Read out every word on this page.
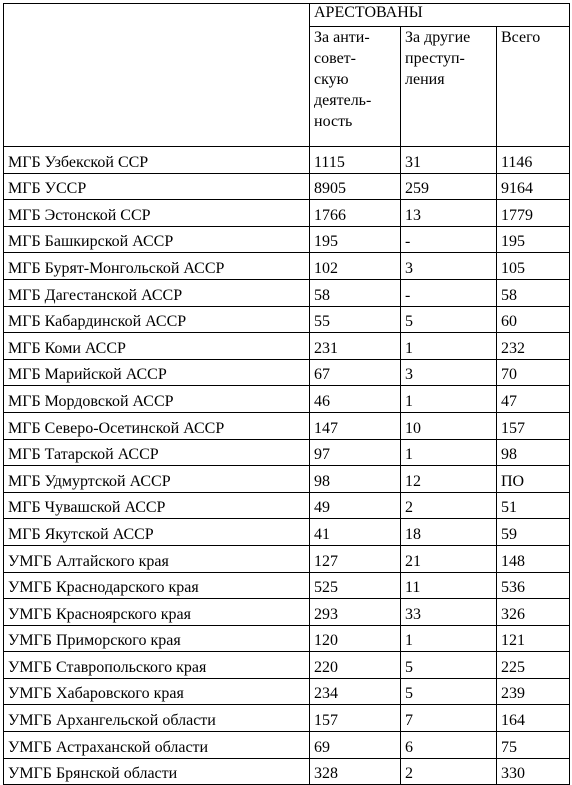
	АРЕСТОВАНЫ		

	За анти-
совет-
скую
деятель-
ность	За другие
преступ-
ления	Всего

МГБ Узбекской ССР	1115	31	1146
МГБ УССР	8905	259	9164
МГБ Эстонской ССР	1766	13	1779
МГБ Башкирской АССР	195	-	195
МГБ Бурят-Монгольской АССР	102	3	105
МГБ Дагестанской АССР	58	-	58
МГБ Кабардинской АССР	55	5	60
МГБ Коми АССР	231	1	232
МГБ Марийской АССР	67	3	70
МГБ Мордовской АССР	46	1	47
МГБ Северо-Осетинской АССР	147	10	157
МГБ Татарской АССР	97	1	98
МГБ Удмуртской АССР	98	12	ПО
МГБ Чувашской АССР	49	2	51
МГБ Якутской АССР	41	18	59
УМГБ Алтайского края	127	21	148
УМГБ Краснодарского края	525	11	536
УМГБ Красноярского края	293	33	326
УМГБ Приморского края	120	1	121
УМГБ Ставропольского края	220	5	225
УМГБ Хабаровского края	234	5	239
УМГБ Архангельской области	157	7	164
УМГБ Астраханской области	69	6	75
УМГБ Брянской области	328	2	330
